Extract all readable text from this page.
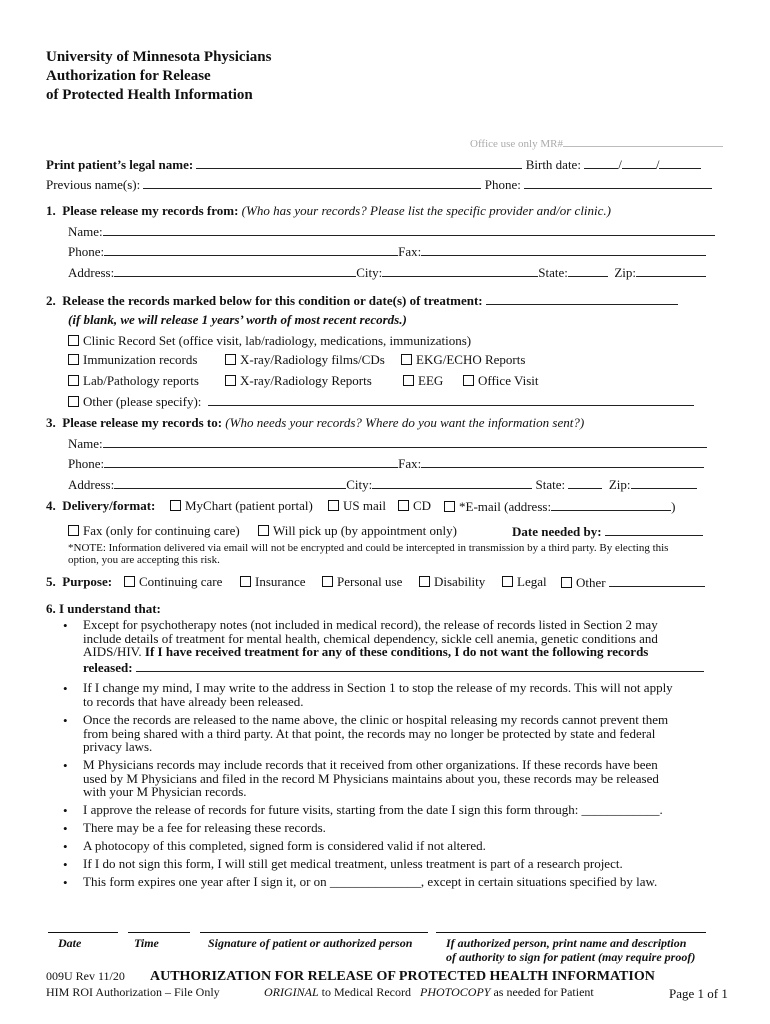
University of Minnesota Physicians
Authorization for Release
of Protected Health Information
Office use only MR#
Print patient’s legal name:	Birth date:	/	/
Previous name(s):	Phone:
1. Please release my records from: (Who has your records? Please list the specific provider and/or clinic.)
Name:
Phone:	Fax:
Address:	City:	State:	Zip:
2. Release the records marked below for this condition or date(s) of treatment:
(if blank, we will release 1 years’ worth of most recent records.)
Clinic Record Set (office visit, lab/radiology, medications, immunizations)
Immunization records	X-ray/Radiology films/CDs	EKG/ECHO Reports
Lab/Pathology reports	X-ray/Radiology Reports	EEG	Office Visit
Other (please specify):
3. Please release my records to: (Who needs your records? Where do you want the information sent?)
Name:
Phone:	Fax:
Address:	City:	State:	Zip:
4. Delivery/format:	MyChart (patient portal)	US mail	CD	*E-mail (address:	)
Fax (only for continuing care)	Will pick up (by appointment only)	Date needed by:
*NOTE: Information delivered via email will not be encrypted and could be intercepted in transmission by a third party. By electing this
option, you are accepting this risk.
5. Purpose:	Continuing care	Insurance	Personal use	Disability	Legal	Other
6. I understand that:
• Except for psychotherapy notes (not included in medical record), the release of records listed in Section 2 may
include details of treatment for mental health, chemical dependency, sickle cell anemia, genetic conditions and
AIDS/HIV. If I have received treatment for any of these conditions, I do not want the following records
released:
• If I change my mind, I may write to the address in Section 1 to stop the release of my records. This will not apply
to records that have already been released.
• Once the records are released to the name above, the clinic or hospital releasing my records cannot prevent them
from being shared with a third party. At that point, the records may no longer be protected by state and federal
privacy laws.
• M Physicians records may include records that it received from other organizations. If these records have been
used by M Physicians and filed in the record M Physicians maintains about you, these records may be released
with your M Physician records.
• I approve the release of records for future visits, starting from the date I sign this form through: ____________.
• There may be a fee for releasing these records.
• A photocopy of this completed, signed form is considered valid if not altered.
• If I do not sign this form, I will still get medical treatment, unless treatment is part of a research project.
• This form expires one year after I sign it, or on ______________, except in certain situations specified by law.
Date	Time	Signature of patient or authorized person	If authorized person, print name and description
of authority to sign for patient (may require proof)
009U Rev 11/20 AUTHORIZATION FOR RELEASE OF PROTECTED HEALTH INFORMATION
HIM ROI Authorization – File Only	ORIGINAL to Medical Record PHOTOCOPY as needed for Patient	Page 1 of 1
